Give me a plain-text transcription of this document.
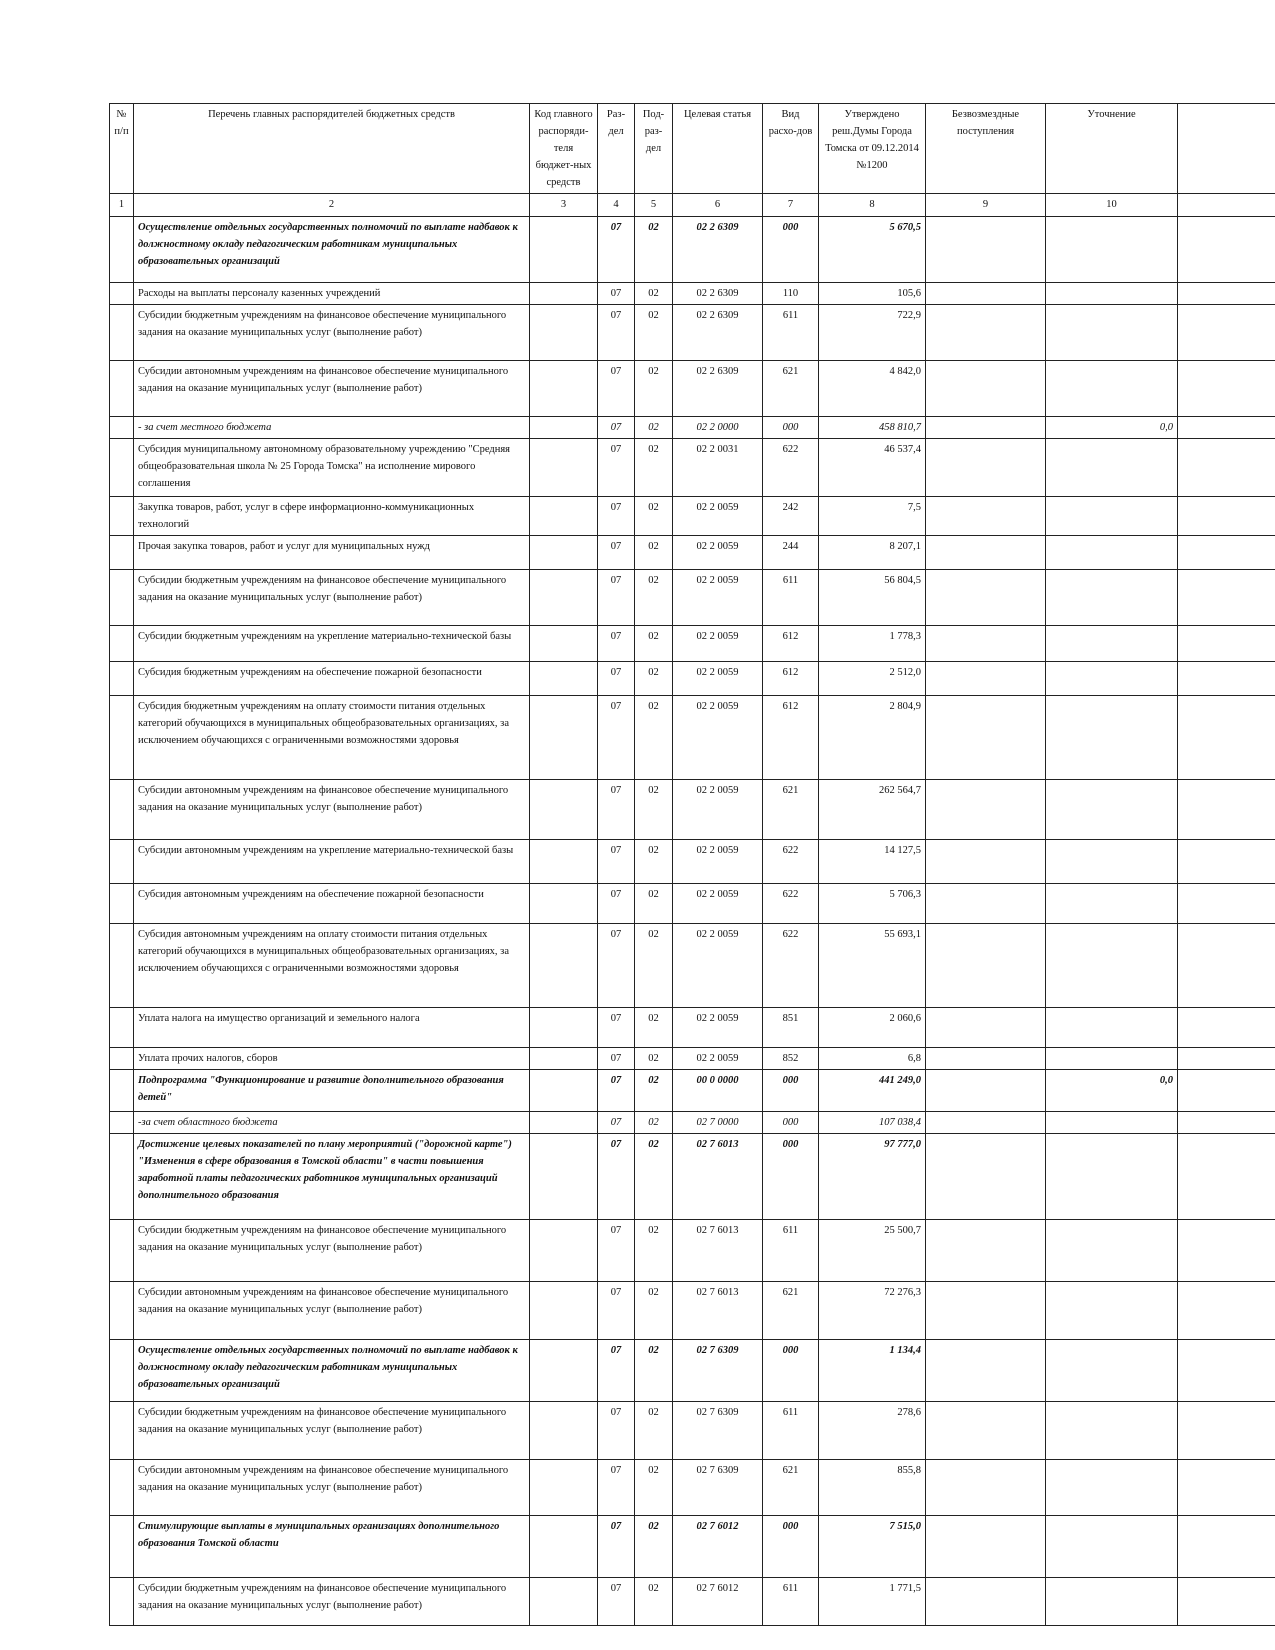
№ п/п	Перечень главных распорядителей бюджетных средств	Код главного распоряди-теля бюджет-ных средств	Раз-дел	Под-раз-дел	Целевая статья	Вид расхо-дов	Утверждено реш.Думы Города Томска от 09.12.2014 №1200	Безвозмездные поступления	Уточнение	
1	2	3	4	5	6	7	8	9	10	
	Осуществление отдельных государственных полномочий по выплате надбавок к должностному окладу педагогическим работникам муниципальных образовательных организаций		07	02	02 2 6309	000	5 670,5			
	Расходы на выплаты персоналу казенных учреждений		07	02	02 2 6309	110	105,6			
	Субсидии бюджетным учреждениям на финансовое обеспечение муниципального задания на оказание муниципальных услуг (выполнение работ)		07	02	02 2 6309	611	722,9			
	Субсидии автономным учреждениям на финансовое обеспечение муниципального задания на оказание муниципальных услуг (выполнение работ)		07	02	02 2 6309	621	4 842,0			
	- за счет местного бюджета		07	02	02 2 0000	000	458 810,7		0,0	
	Субсидия муниципальному автономному образовательному учреждению "Средняя общеобразовательная школа № 25 Города Томска" на исполнение мирового соглашения		07	02	02 2 0031	622	46 537,4			
	Закупка товаров, работ, услуг в сфере информационно-коммуникационных технологий		07	02	02 2 0059	242	7,5			
	Прочая закупка товаров, работ и услуг для муниципальных нужд		07	02	02 2 0059	244	8 207,1			
	Субсидии бюджетным учреждениям на финансовое обеспечение муниципального задания на оказание муниципальных услуг (выполнение работ)		07	02	02 2 0059	611	56 804,5			
	Субсидии бюджетным учреждениям на укрепление материально-технической базы		07	02	02 2 0059	612	1 778,3			
	Субсидия бюджетным учреждениям на обеспечение пожарной безопасности		07	02	02 2 0059	612	2 512,0			
	Субсидия бюджетным учреждениям на оплату стоимости питания отдельных категорий обучающихся в муниципальных общеобразовательных организациях, за исключением обучающихся с ограниченными возможностями здоровья		07	02	02 2 0059	612	2 804,9			
	Субсидии автономным учреждениям на финансовое обеспечение муниципального задания на оказание муниципальных услуг (выполнение работ)		07	02	02 2 0059	621	262 564,7			
	Субсидии автономным учреждениям на укрепление материально-технической базы		07	02	02 2 0059	622	14 127,5			
	Субсидия автономным учреждениям на обеспечение пожарной безопасности		07	02	02 2 0059	622	5 706,3			
	Субсидия автономным учреждениям на оплату стоимости питания отдельных категорий обучающихся в муниципальных общеобразовательных организациях, за исключением обучающихся с ограниченными возможностями здоровья		07	02	02 2 0059	622	55 693,1			
	Уплата налога на имущество организаций и земельного налога		07	02	02 2 0059	851	2 060,6			
	Уплата прочих налогов, сборов		07	02	02 2 0059	852	6,8			
	Подпрограмма "Функционирование и развитие дополнительного образования детей"		07	02	00 0 0000	000	441 249,0		0,0	
	-за счет областного бюджета		07	02	02 7 0000	000	107 038,4			
	Достижение целевых показателей по плану мероприятий ("дорожной карте") "Изменения в сфере образования в Томской области" в части повышения заработной платы педагогических работников муниципальных организаций дополнительного образования		07	02	02 7 6013	000	97 777,0			
	Субсидии бюджетным учреждениям на финансовое обеспечение муниципального задания на оказание муниципальных услуг (выполнение работ)		07	02	02 7 6013	611	25 500,7			
	Субсидии автономным учреждениям на финансовое обеспечение муниципального задания на оказание муниципальных услуг (выполнение работ)		07	02	02 7 6013	621	72 276,3			
	Осуществление отдельных государственных полномочий по выплате надбавок к должностному окладу педагогическим работникам муниципальных образовательных организаций		07	02	02 7 6309	000	1 134,4			
	Субсидии бюджетным учреждениям на финансовое обеспечение муниципального задания на оказание муниципальных услуг (выполнение работ)		07	02	02 7 6309	611	278,6			
	Субсидии автономным учреждениям на финансовое обеспечение муниципального задания на оказание муниципальных услуг (выполнение работ)		07	02	02 7 6309	621	855,8			
	Стимулирующие выплаты в муниципальных организациях дополнительного образования Томской области		07	02	02 7 6012	000	7 515,0			
	Субсидии бюджетным учреждениям на финансовое обеспечение муниципального задания на оказание муниципальных услуг (выполнение работ)		07	02	02 7 6012	611	1 771,5			
